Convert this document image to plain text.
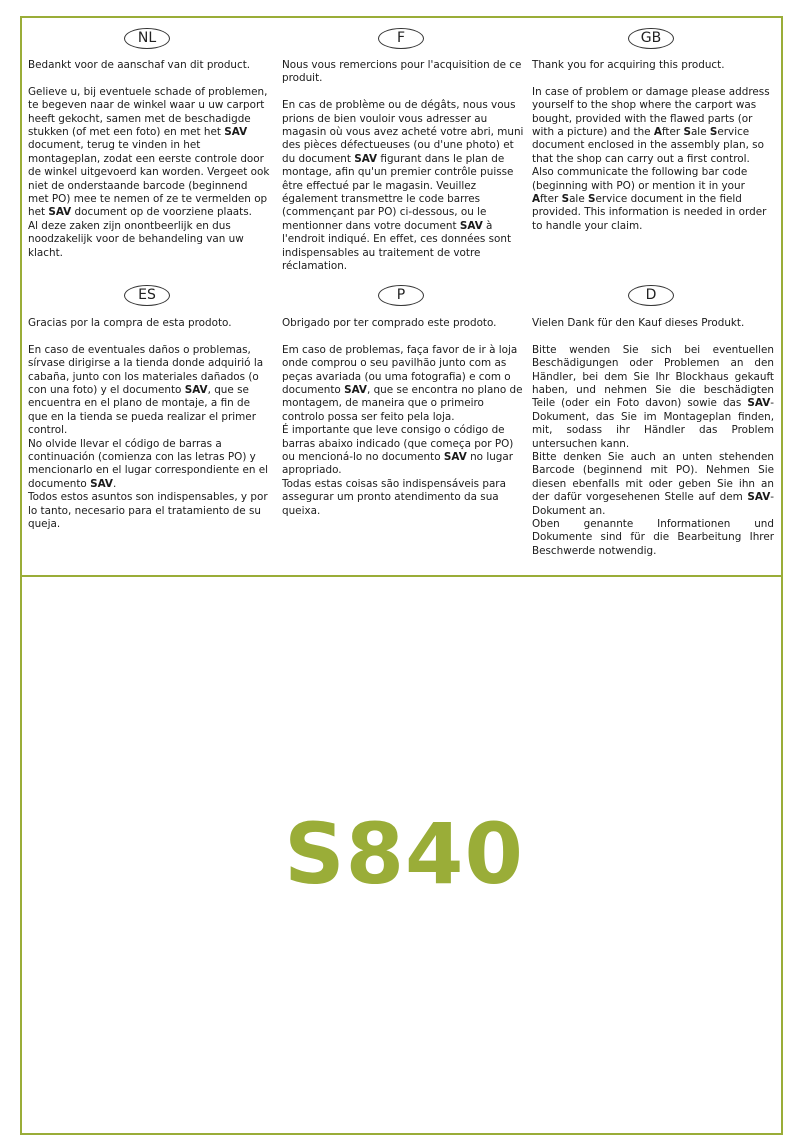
NL	F	GB

Bedankt voor de aanschaf van dit product.

Gelieve u, bij eventuele schade of problemen, te begeven naar de winkel waar u uw carport heeft gekocht, samen met de beschadigde stukken (of met een foto) en met het SAV document, terug te vinden in het montageplan, zodat een eerste controle door de winkel uitgevoerd kan worden. Vergeet ook niet de onderstaande barcode (beginnend met PO) mee te nemen of ze te vermelden op het SAV document op de voorziene plaats.
Al deze zaken zijn onontbeerlijk en dus noodzakelijk voor de behandeling van uw klacht.

Nous vous remercions pour l'acquisition de ce produit.

En cas de problème ou de dégâts, nous vous prions de bien vouloir vous adresser au magasin où vous avez acheté votre abri, muni des pièces défectueuses (ou d'une photo) et du document SAV figurant dans le plan de montage, afin qu'un premier contrôle puisse être effectué par le magasin. Veuillez également transmettre le code barres (commençant par PO) ci-dessous, ou le mentionner dans votre document SAV à l'endroit indiqué. En effet, ces données sont indispensables au traitement de votre réclamation.

Thank you for acquiring this product.

In case of problem or damage please address yourself to the shop where the carport was bought, provided with the flawed parts (or with a picture) and the After Sale Service document enclosed in the assembly plan, so that the shop can carry out a first control. Also communicate the following bar code (beginning with PO) or mention it in your After Sale Service document in the field provided. This information is needed in order to handle your claim.

ES	P	D

Gracias por la compra de esta prodoto.

En caso de eventuales daños o problemas, sírvase dirigirse a la tienda donde adquirió la cabaña, junto con los materiales dañados (o con una foto) y el documento SAV, que se encuentra en el plano de montaje, a fin de que en la tienda se pueda realizar el primer control.
No olvide llevar el código de barras a continuación (comienza con las letras PO) y mencionarlo en el lugar correspondiente en el documento SAV.
Todos estos asuntos son indispensables, y por lo tanto, necesario para el tratamiento de su queja.

Obrigado por ter comprado este prodoto.

Em caso de problemas, faça favor de ir à loja onde comprou o seu pavilhão junto com as peças avariada (ou uma fotografia) e com o documento SAV, que se encontra no plano de montagem, de maneira que o primeiro controlo possa ser feito pela loja.
É importante que leve consigo o código de barras abaixo indicado (que começa por PO) ou mencioná-lo no documento SAV no lugar apropriado.
Todas estas coisas são indispensáveis para assegurar um pronto atendimento da sua queixa.

Vielen Dank für den Kauf dieses Produkt.

Bitte wenden Sie sich bei eventuellen Beschädigungen oder Problemen an den Händler, bei dem Sie Ihr Blockhaus gekauft haben, und nehmen Sie die beschädigten Teile (oder ein Foto davon) sowie das SAV-Dokument, das Sie im Montageplan finden, mit, sodass ihr Händler das Problem untersuchen kann.
Bitte denken Sie auch an unten stehenden Barcode (beginnend mit PO). Nehmen Sie diesen ebenfalls mit oder geben Sie ihn an der dafür vorgesehenen Stelle auf dem SAV-Dokument an.
Oben genannte Informationen und Dokumente sind für die Bearbeitung Ihrer Beschwerde notwendig.

S840
